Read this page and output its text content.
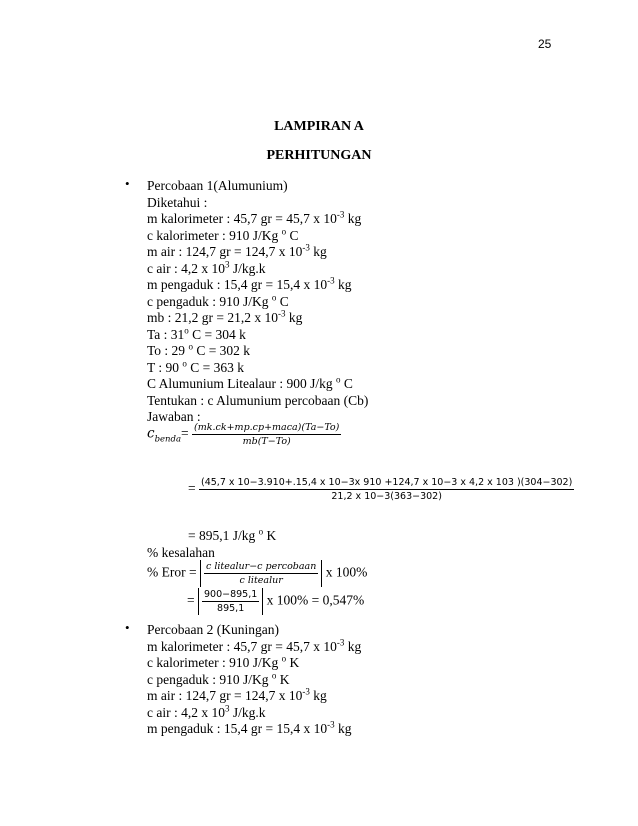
25
LAMPIRAN A
PERHITUNGAN
• Percobaan 1(Alumunium)
Diketahui :
m kalorimeter : 45,7 gr = 45,7 x $10^{-3}$ kg
c kalorimeter : 910 J/Kg $^o$ C
m air : 124,7 gr = 124,7 x $10^{-3}$ kg
c air : 4,2 x $10^3$ J/kg.k
m pengaduk : 15,4 gr = 15,4 x $10^{-3}$ kg
c pengaduk : 910 J/Kg $^o$ C
mb : 21,2 gr = 21,2 x $10^{-3}$ kg
Ta : 31$^o$ C = 304 k
To : 29 $^o$ C = 302 k
T : 90 $^o$ C = 363 k
C Alumunium Litealaur : 900 J/kg $^o$ C
Tentukan : c Alumunium percobaan (Cb)
Jawaban :
$c_{benda}= \frac{\text{(mk.ck+mp.cp+maca)(Ta−To)}}{mb(T-To)}$
= (45,7 x 10−3.910+.15,4 x 10−3x 910 +124,7 x 10−3 x 4,2 x 103 )(304−302)
21,2 x 10−3(363−302)
= 895,1 J/kg $^o$ K
% kesalahan
% Eror = $\frac{\text{c litealur−c percobaan}}{\text{c litealur}}$ x 100%
= $\frac{900-895,1}{895,1}$ x 100% = 0,547%
• Percobaan 2 (Kuningan)
m kalorimeter : 45,7 gr = 45,7 x $10^{-3}$ kg
c kalorimeter : 910 J/Kg $^o$ K
c pengaduk : 910 J/Kg $^o$ K
m air : 124,7 gr = 124,7 x $10^{-3}$ kg
c air : 4,2 x $10^3$ J/kg.k
m pengaduk : 15,4 gr = 15,4 x $10^{-3}$ kg
